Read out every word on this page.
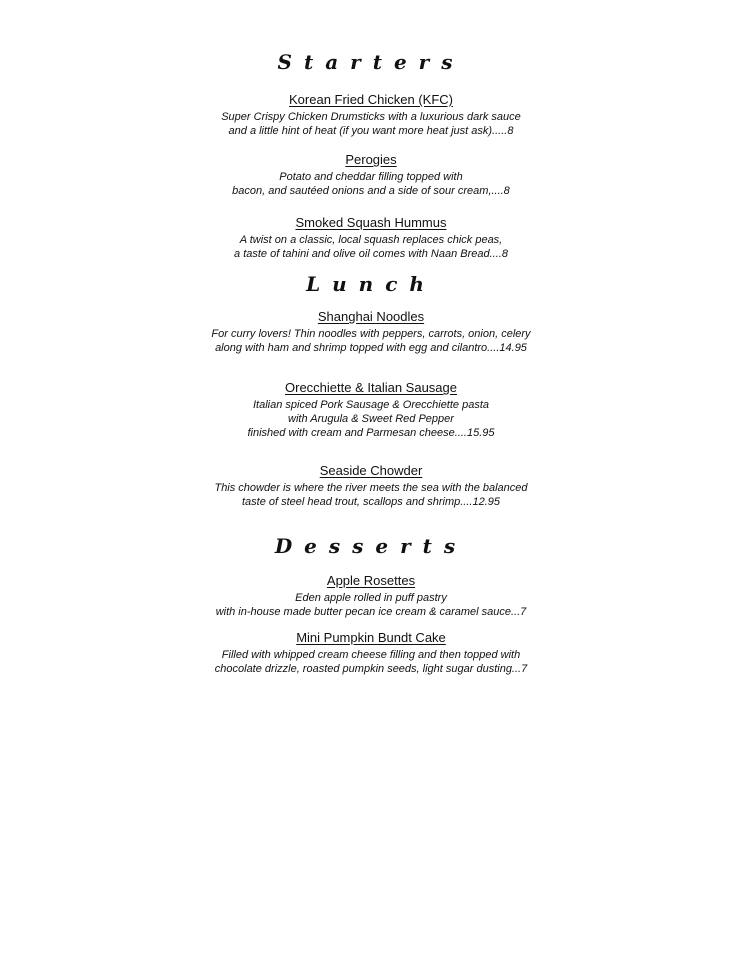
Starters
Korean Fried Chicken (KFC)
Super Crispy Chicken Drumsticks with a luxurious dark sauce
and a little hint of heat (if you want more heat just ask).....8
Perogies
Potato and cheddar filling topped with
bacon, and sautéed onions and a side of sour cream,....8
Smoked Squash Hummus
A twist on a classic, local squash replaces chick peas,
a taste of tahini and olive oil comes with Naan Bread....8
Lunch
Shanghai Noodles
For curry lovers! Thin noodles with peppers, carrots, onion, celery
along with ham and shrimp topped with egg and cilantro....14.95
Orecchiette & Italian Sausage
Italian spiced Pork Sausage & Orecchiette pasta
with Arugula & Sweet Red Pepper
finished with cream and Parmesan cheese....15.95
Seaside Chowder
This chowder is where the river meets the sea with the balanced
taste of steel head trout, scallops and shrimp....12.95
Desserts
Apple Rosettes
Eden apple rolled in puff pastry
with in-house made butter pecan ice cream & caramel sauce...7
Mini Pumpkin Bundt Cake
Filled with whipped cream cheese filling and then topped with
chocolate drizzle, roasted pumpkin seeds, light sugar dusting...7
